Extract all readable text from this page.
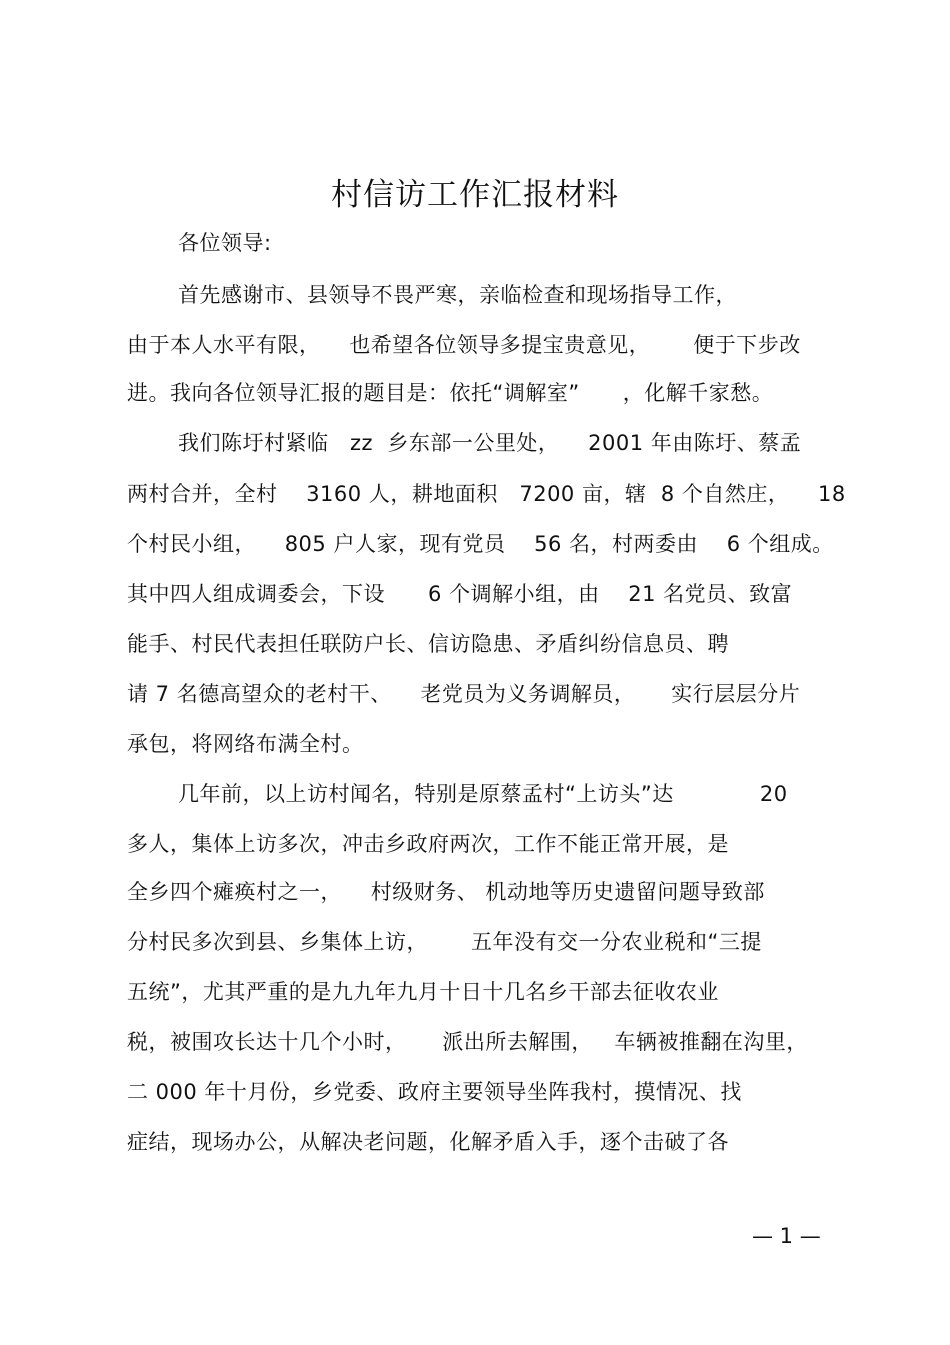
村信访工作汇报材料
各位领导:
首先感谢市、县领导不畏严寒，亲临检查和现场指导工作，
由于本人水平有限，    也希望各位领导多提宝贵意见，      便于下步改
进。我向各位领导汇报的题目是：依托“调解室”      ，化解千家愁。
我们陈圩村紧临   zz  乡东部一公里处，    2001 年由陈圩、蔡孟
两村合并，全村    3160 人，耕地面积   7200 亩，辖  8 个自然庄，    18
个村民小组，    805 户人家，现有党员    56 名，村两委由    6 个组成。
其中四人组成调委会，下设      6 个调解小组，由    21 名党员、致富
能手、村民代表担任联防户长、信访隐患、矛盾纠纷信息员、聘
请 7 名德高望众的老村干、    老党员为义务调解员，     实行层层分片
承包，将网络布满全村。
几年前，以上访村闻名，特别是原蔡孟村“上访头”达            20
多人，集体上访多次，冲击乡政府两次，工作不能正常开展，是
全乡四个瘫痪村之一，    村级财务、 机动地等历史遗留问题导致部
分村民多次到县、乡集体上访，      五年没有交一分农业税和“三提
五统”，尤其严重的是九九年九月十日十几名乡干部去征收农业
税，被围攻长达十几个小时，     派出所去解围，   车辆被推翻在沟里，
二 000 年十月份，乡党委、政府主要领导坐阵我村，摸情况、找
症结，现场办公，从解决老问题，化解矛盾入手，逐个击破了各
— 1 —
